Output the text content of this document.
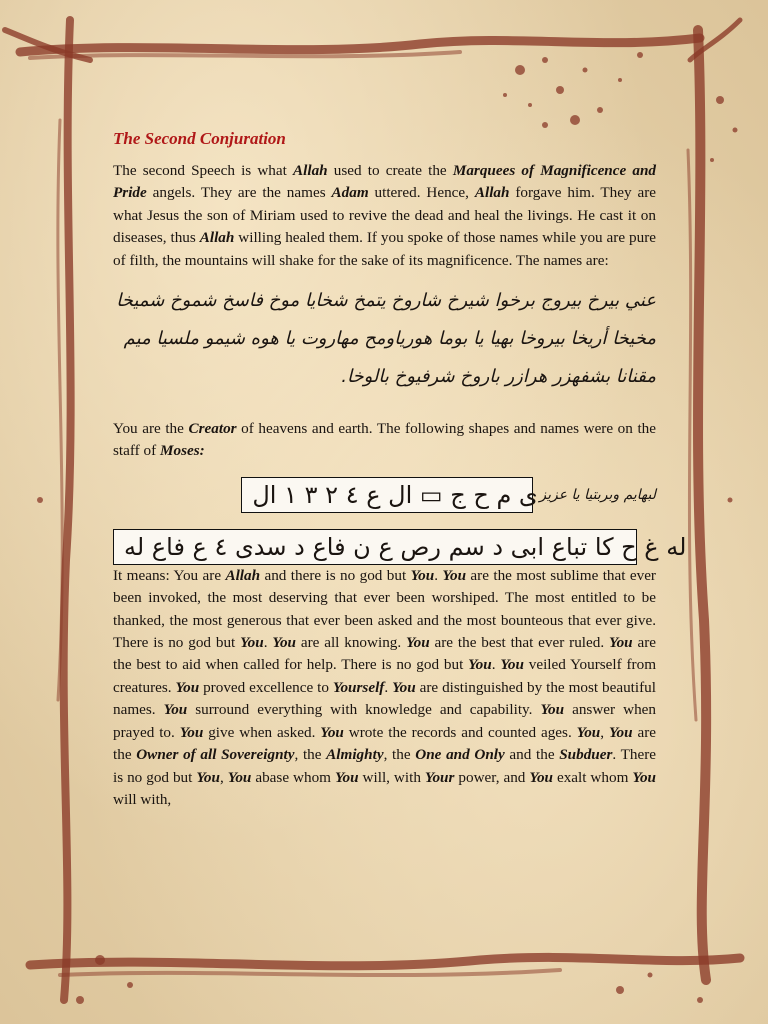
The Second Conjuration

The second Speech is what Allah used to create the Marquees of Magnificence and Pride angels. They are the names Adam uttered. Hence, Allah forgave him. They are what Jesus the son of Miriam used to revive the dead and heal the livings. He cast it on diseases, thus Allah willing healed them. If you spoke of those names while you are pure of filth, the mountains will shake for the sake of its magnificence. The names are:

عني بيرخ بيروج برخوا شيرخ شاروخ يتمخ شخايا موخ فاسخ شموخ شميخا مخيخا أريخا بيروخا بهيا يا بوما هورياومح مهاروت يا هوه شيمو ملسيا ميم مقنانا بشفهزر هرازر باروخ شرفيوخ بالوخا.

You are the Creator of heavens and earth. The following shapes and names were on the staff of Moses:

لبهايم وبربتيا يا عزيز
ى م ح ج ▭ ال ع ٤ ٢ ٣ ١ ال
له غ ح كا تباع ابى د سم رص ع ن فاع د سدى ٤ ع فاع له

It means: You are Allah and there is no god but You. You are the most sublime that ever been invoked, the most deserving that ever been worshiped. The most entitled to be thanked, the most generous that ever been asked and the most bounteous that ever give. There is no god but You. You are all knowing. You are the best that ever ruled. You are the best to aid when called for help. There is no god but You. You veiled Yourself from creatures. You proved excellence to Yourself. You are distinguished by the most beautiful names. You surround everything with knowledge and capability. You answer when prayed to. You give when asked. You wrote the records and counted ages. You, You are the Owner of all Sovereignty, the Almighty, the One and Only and the Subduer. There is no god but You, You abase whom You will, with Your power, and You exalt whom You will with,
